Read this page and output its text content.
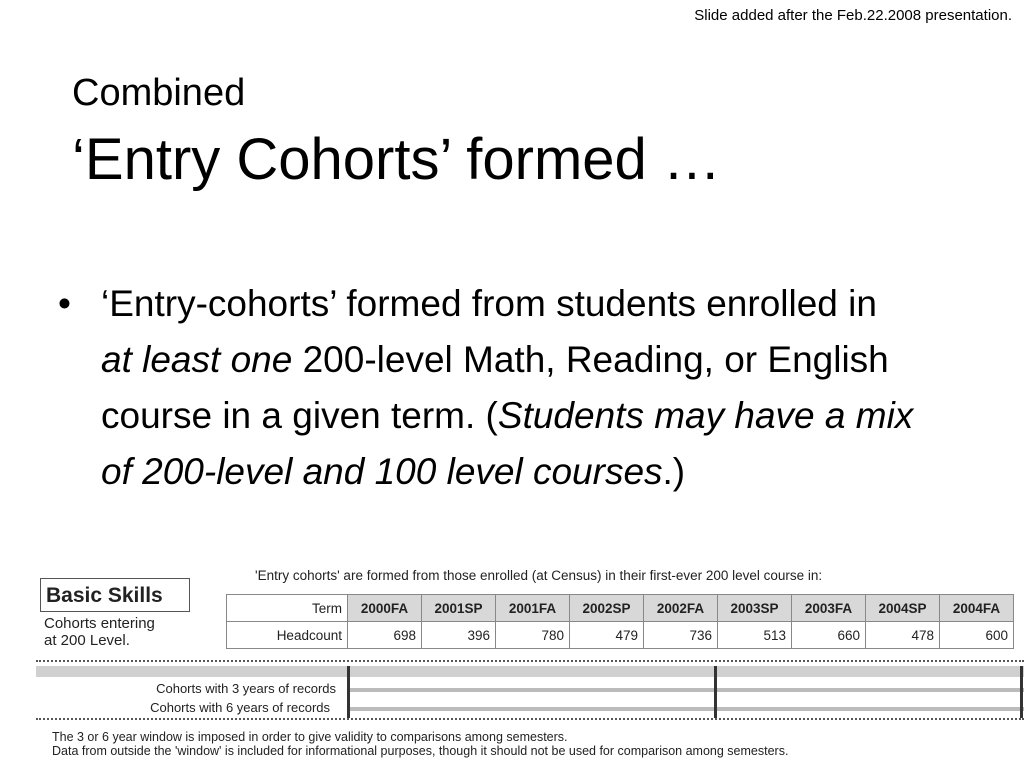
Slide added after the Feb.22.2008 presentation.
Combined
‘Entry Cohorts’ formed …
• ‘Entry-cohorts’ formed from students enrolled in at least one 200-level Math, Reading, or English course in a given term. (Students may have a mix of 200-level and 100 level courses.)
Basic Skills
Cohorts entering
at 200 Level.
'Entry cohorts' are formed from those enrolled (at Census) in their first-ever 200 level course in:
Term	2000FA	2001SP	2001FA	2002SP	2002FA	2003SP	2003FA	2004SP	2004FA
Headcount	698	396	780	479	736	513	660	478	600
Cohorts with 3 years of records
Cohorts with 6 years of records
The 3 or 6 year window is imposed in order to give validity to comparisons among semesters.
Data from outside the 'window' is included for informational purposes, though it should not be used for comparison among semesters.
